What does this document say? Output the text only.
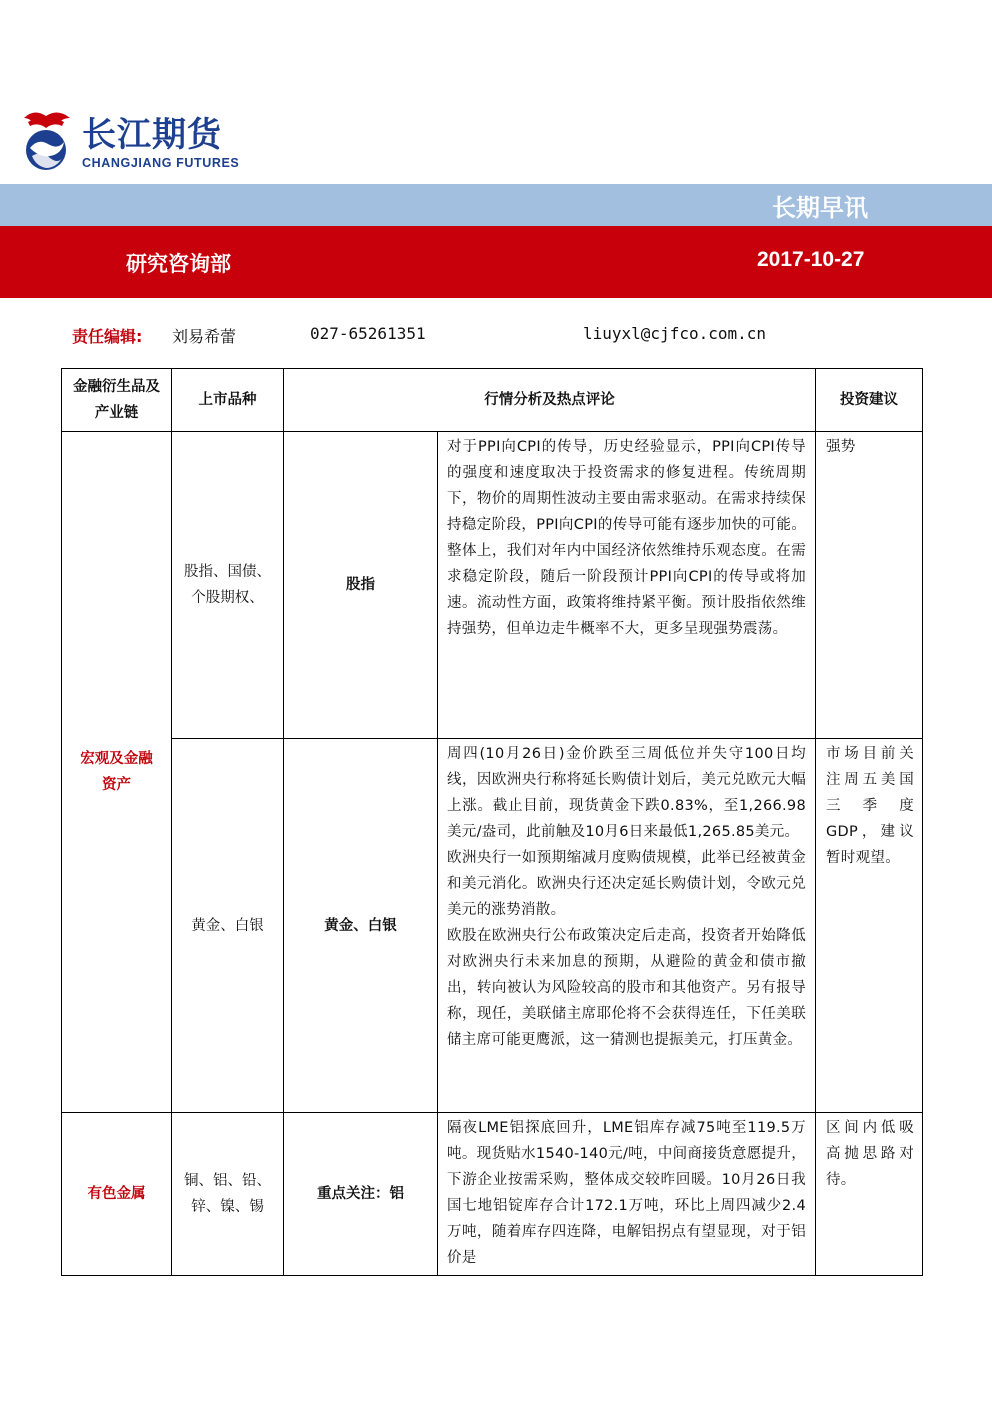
长江期货
CHANGJIANG FUTURES
长期早讯
研究咨询部	2017-10-27
责任编辑: 刘易希蕾	027-65261351	liuyxl@cjfco.com.cn
金融衍生品及产业链	上市品种	行情分析及热点评论		投资建议
宏观及金融资产	股指、国债、个股期权、	股指	对于PPI向CPI的传导，历史经验显示，PPI向CPI传导的强度和速度取决于投资需求的修复进程。传统周期下，物价的周期性波动主要由需求驱动。在需求持续保持稳定阶段，PPI向CPI的传导可能有逐步加快的可能。整体上，我们对年内中国经济依然维持乐观态度。在需求稳定阶段，随后一阶段预计PPI向CPI的传导或将加速。流动性方面，政策将维持紧平衡。预计股指依然维持强势，但单边走牛概率不大，更多呈现强势震荡。	强势
	黄金、白银	黄金、白银	周四(10月26日)金价跌至三周低位并失守100日均线，因欧洲央行称将延长购债计划后，美元兑欧元大幅上涨。截止目前，现货黄金下跌0.83%，至1,266.98美元/盎司，此前触及10月6日来最低1,265.85美元。

欧洲央行一如预期缩减月度购债规模，此举已经被黄金和美元消化。欧洲央行还决定延长购债计划，令欧元兑美元的涨势消散。

欧股在欧洲央行公布政策决定后走高，投资者开始降低对欧洲央行未来加息的预期，从避险的黄金和债市撤出，转向被认为风险较高的股市和其他资产。另有报导称，现任，美联储主席耶伦将不会获得连任，下任美联储主席可能更鹰派，这一猜测也提振美元，打压黄金。	市场目前关注周五美国三季度GDP，建议暂时观望。
有色金属	铜、铝、铅、锌、镍、锡	重点关注：铝	隔夜LME铝探底回升，LME铝库存减75吨至119.5万吨。现货贴水1540-140元/吨，中间商接货意愿提升，下游企业按需采购，整体成交较昨回暖。10月26日我国七地铝锭库存合计172.1万吨，环比上周四减少2.4万吨，随着库存四连降，电解铝拐点有望显现，对于铝价是	区间内低吸高抛思路对待。
